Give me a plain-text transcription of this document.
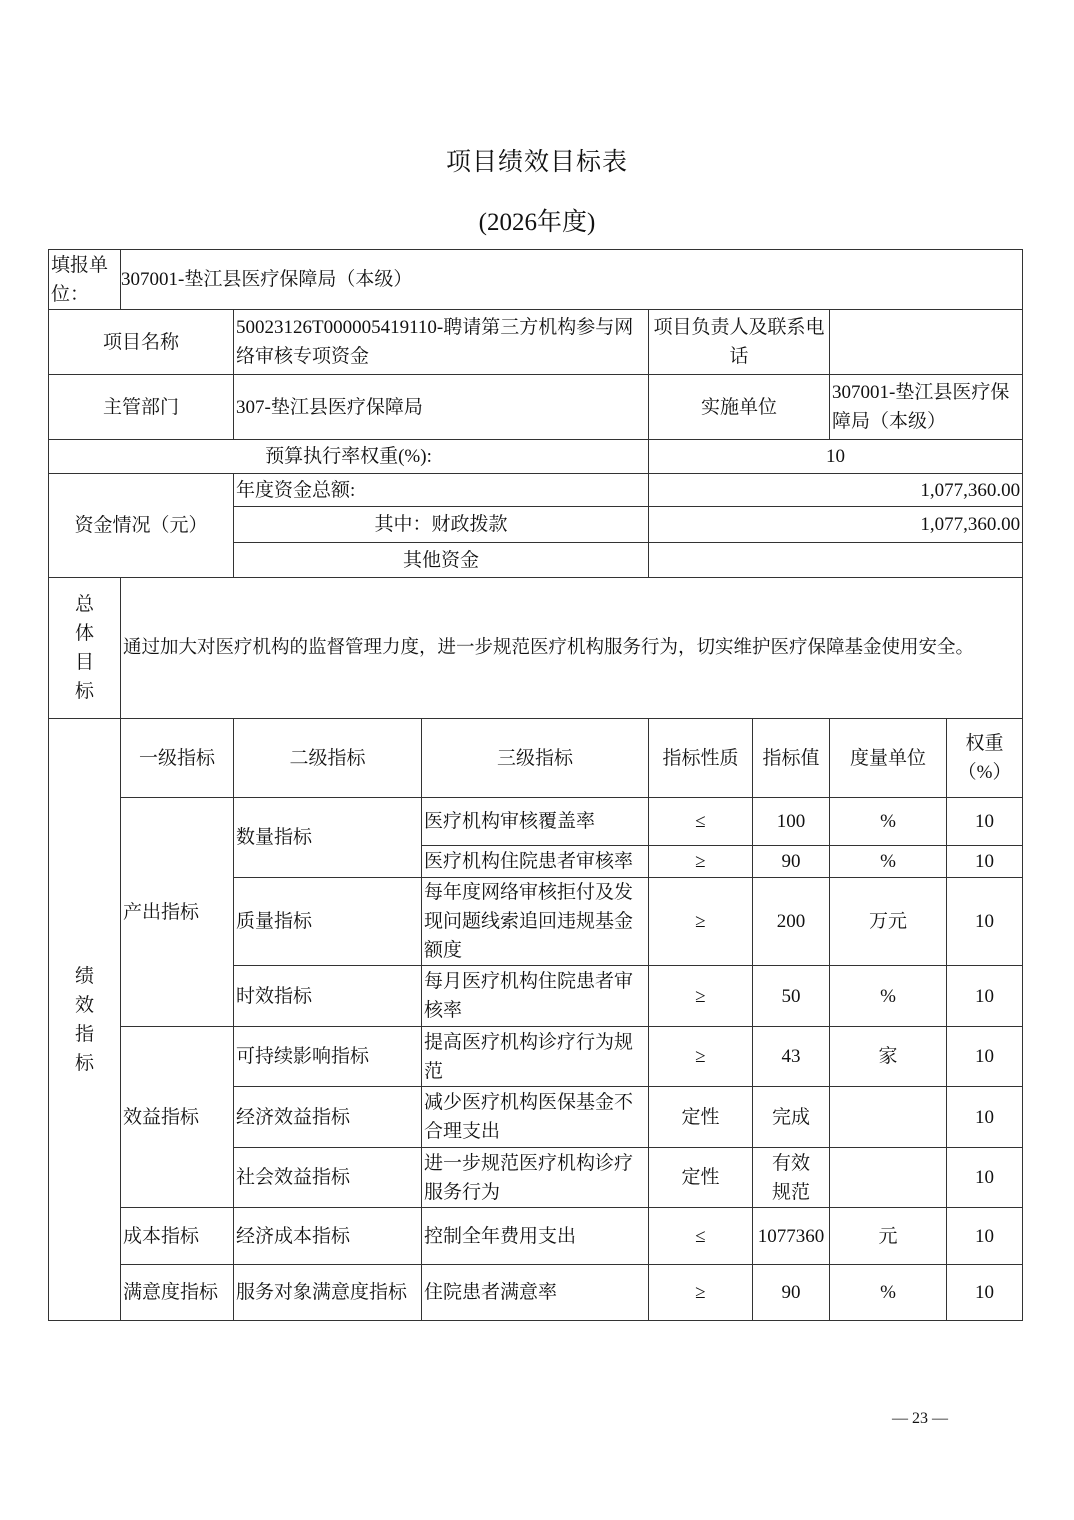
项目绩效目标表
(2026年度)
填报单位：	307001-垫江县医疗保障局（本级）						
项目名称		50023126T000005419110-聘请第三方机构参与网络审核专项资金		项目负责人及联系电话			
主管部门		307-垫江县医疗保障局		实施单位		307001-垫江县医疗保障局（本级）	
预算执行率权重(%):				10			
资金情况（元）		年度资金总额:		1,077,360.00			
		其中：财政拨款		1,077,360.00			
		其他资金					

总
体
目
标	通过加大对医疗机构的监督管理力度，进一步规范医疗机构服务行为，切实维护医疗保障基金使用安全。						

绩
效
指
标	一级指标	二级指标	三级指标	指标性质	指标值	度量单位	权重（%）
	产出指标	数量指标	医疗机构审核覆盖率	≤	100	%	10
			医疗机构住院患者审核率	≥	90	%	10
		质量指标	每年度网络审核拒付及发现问题线索追回违规基金额度	≥	200	万元	10
		时效指标	每月医疗机构住院患者审核率	≥	50	%	10
	效益指标	可持续影响指标	提高医疗机构诊疗行为规范	≥	43	家	10
		经济效益指标	减少医疗机构医保基金不合理支出	定性	完成		10
		社会效益指标	进一步规范医疗机构诊疗服务行为	定性	有效规范		10
	成本指标	经济成本指标	控制全年费用支出	≤	1077360	元	10
	满意度指标	服务对象满意度指标	住院患者满意率	≥	90	%	10
— 23 —
